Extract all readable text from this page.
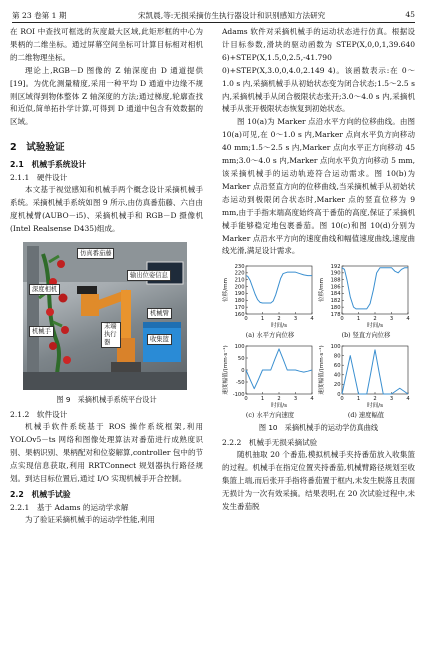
第 23 卷第 1 期	宋凯晨,等:无损采摘仿生执行器设计和识别感知方法研究	45

在 ROI 中查找可框选的灰度最大区域,此矩形框的中心为果柄的二维坐标。通过屏幕空间坐标可计算目标相对相机的二维物理坐标。

理论上,RGB－D 图像的 Z 轴深度由 D 通道提供[19]。为优化测量精度,采用一种平均 D 通道中边缘不规则区域得到物体整体 Z 轴深度的方法;通过梯度,轮廓查找和近似,简单拓扑学计算,可得到 D 通道中包含有效数据的区域。

2　试验验证
2.1　机械手系统设计
2.1.1　硬件设计

本文基于视觉感知和机械手两个概念设计采摘机械手系统。采摘机械手系统如图 9 所示,由仿真番茄藤、六自由度机械臂(AUBO－i5)、采摘机械手和 RGB－D 摄像机(Intel Realsense D435)组成。

仿真番茄藤
深度相机
机械手
输出位姿信息
末端执行器
机械臂
收集篮
图 9　采摘机械手系统平台设计
2.1.2　软件设计

机械手软件系统基于 ROS 操作系统框架,利用 YOLOv5－ts 网络和图像处理算法对番茄进行成熟度识别、果柄识别、果柄配对和位姿解算,controller 包中的节点实现信息获取,利用 RRTConnect 规划器执行路径规划。到达目标位置后,通过 I/O 实现机械手开合控制。

2.2　机械手试验
2.2.1　基于 Adams 的运动学求解

为了验证采摘机械手的运动学性能,利用

Adams 软件对采摘机械手的运动状态进行仿真。根据设计目标参数,滑块的驱动函数为 STEP(X,0,0,1,39.640 6)+STEP(X,1.5,0,2.5,-41.790 0)+STEP(X,3.0,0,4.0,2.149 4)。该函数表示:在 0～1.0 s 内,采摘机械手从初始状态变为闭合状态;1.5～2.5 s 内,采摘机械手从闭合极限状态张开;3.0～4.0 s 内,采摘机械手从张开极限状态恢复到初始状态。

图 10(a)为 Marker 点沿水平方向的位移曲线。由图 10(a)可见,在 0～1.0 s 内,Marker 点向水平负方向移动 40 mm;1.5～2.5 s 内,Marker 点向水平正方向移动 45 mm;3.0～4.0 s 内,Marker 点向水平负方向移动 5 mm,该采摘机械手的运动轨迹符合运动需求。图 10(b)为 Marker 点沿竖直方向的位移曲线,当采摘机械手从初始状态运动到极限闭合状态时,Marker 点的竖直位移为 9 mm,由于手指末端高度始终高于番茄的高度,保证了采摘机械手能够稳定地包裹番茄。图 10(c)和图 10(d)分别为 Marker 点沿水平方向的速度曲线和幅值速度曲线,速度曲线光滑,满足设计需求。

160
170
180
190
200
210
220
230
0	1	2	3	4
时间/s
位移/mm
(a) 水平方向位移
178
180
182
184
186
188
190
192
0	1	2	3	4
时间/s
位移/mm
(b) 竖直方向位移
-100
-50
0
50
100
0	1	2	3	4
时间/s
速度幅值/(mm·s⁻¹)
(c) 水平方向速度
0
20
40
60
80
100
0	1	2	3	4
时间/s
速度幅值/(mm·s⁻¹)
(d) 速度幅值
图 10　采摘机械手的运动学仿真曲线
2.2.2　机械手无损采摘试验

随机抽取 20 个番茄,模拟机械手夹持番茄放入收集篮的过程。机械手在指定位置夹持番茄,机械臂路径规划至收集篮上端,而后张开手指将番茄置于框内,未发生脱落且表面无损计为一次有效采摘。结果表明,在 20 次试验过程中,未发生番茄脱
